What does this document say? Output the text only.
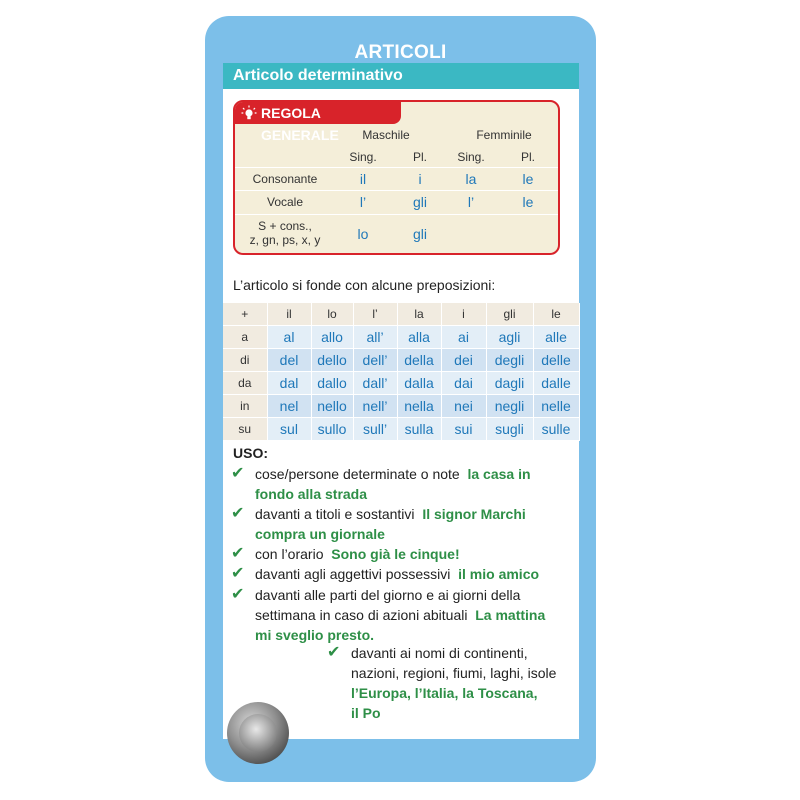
ARTICOLI
Articolo determinativo
REGOLA GENERALE	Maschile	Femminile
Sing.	Pl.	Sing.	Pl.
Consonante	il	i	la	le
Vocale	l’	gli	l’	le
S + cons.,
z, gn, ps, x, y	lo	gli
L’articolo si fonde con alcune preposizioni:
+	il	lo	l’	la	i	gli	le
a	al	allo	all’	alla	ai	agli	alle
di	del	dello	dell’	della	dei	degli	delle
da	dal	dallo	dall’	dalla	dai	dagli	dalle
in	nel	nello	nell’	nella	nei	negli	nelle
su	sul	sullo	sull’	sulla	sui	sugli	sulle
USO:
✔ cose/persone determinate o note la casa in
fondo alla strada
✔ davanti a titoli e sostantivi Il signor Marchi
compra un giornale
✔ con l’orario Sono già le cinque!
✔ davanti agli aggettivi possessivi il mio amico
✔ davanti alle parti del giorno e ai giorni della
settimana in caso di azioni abituali La mattina
mi sveglio presto.
✔ davanti ai nomi di continenti,
nazioni, regioni, fiumi, laghi, isole
l’Europa, l’Italia, la Toscana,
il Po
